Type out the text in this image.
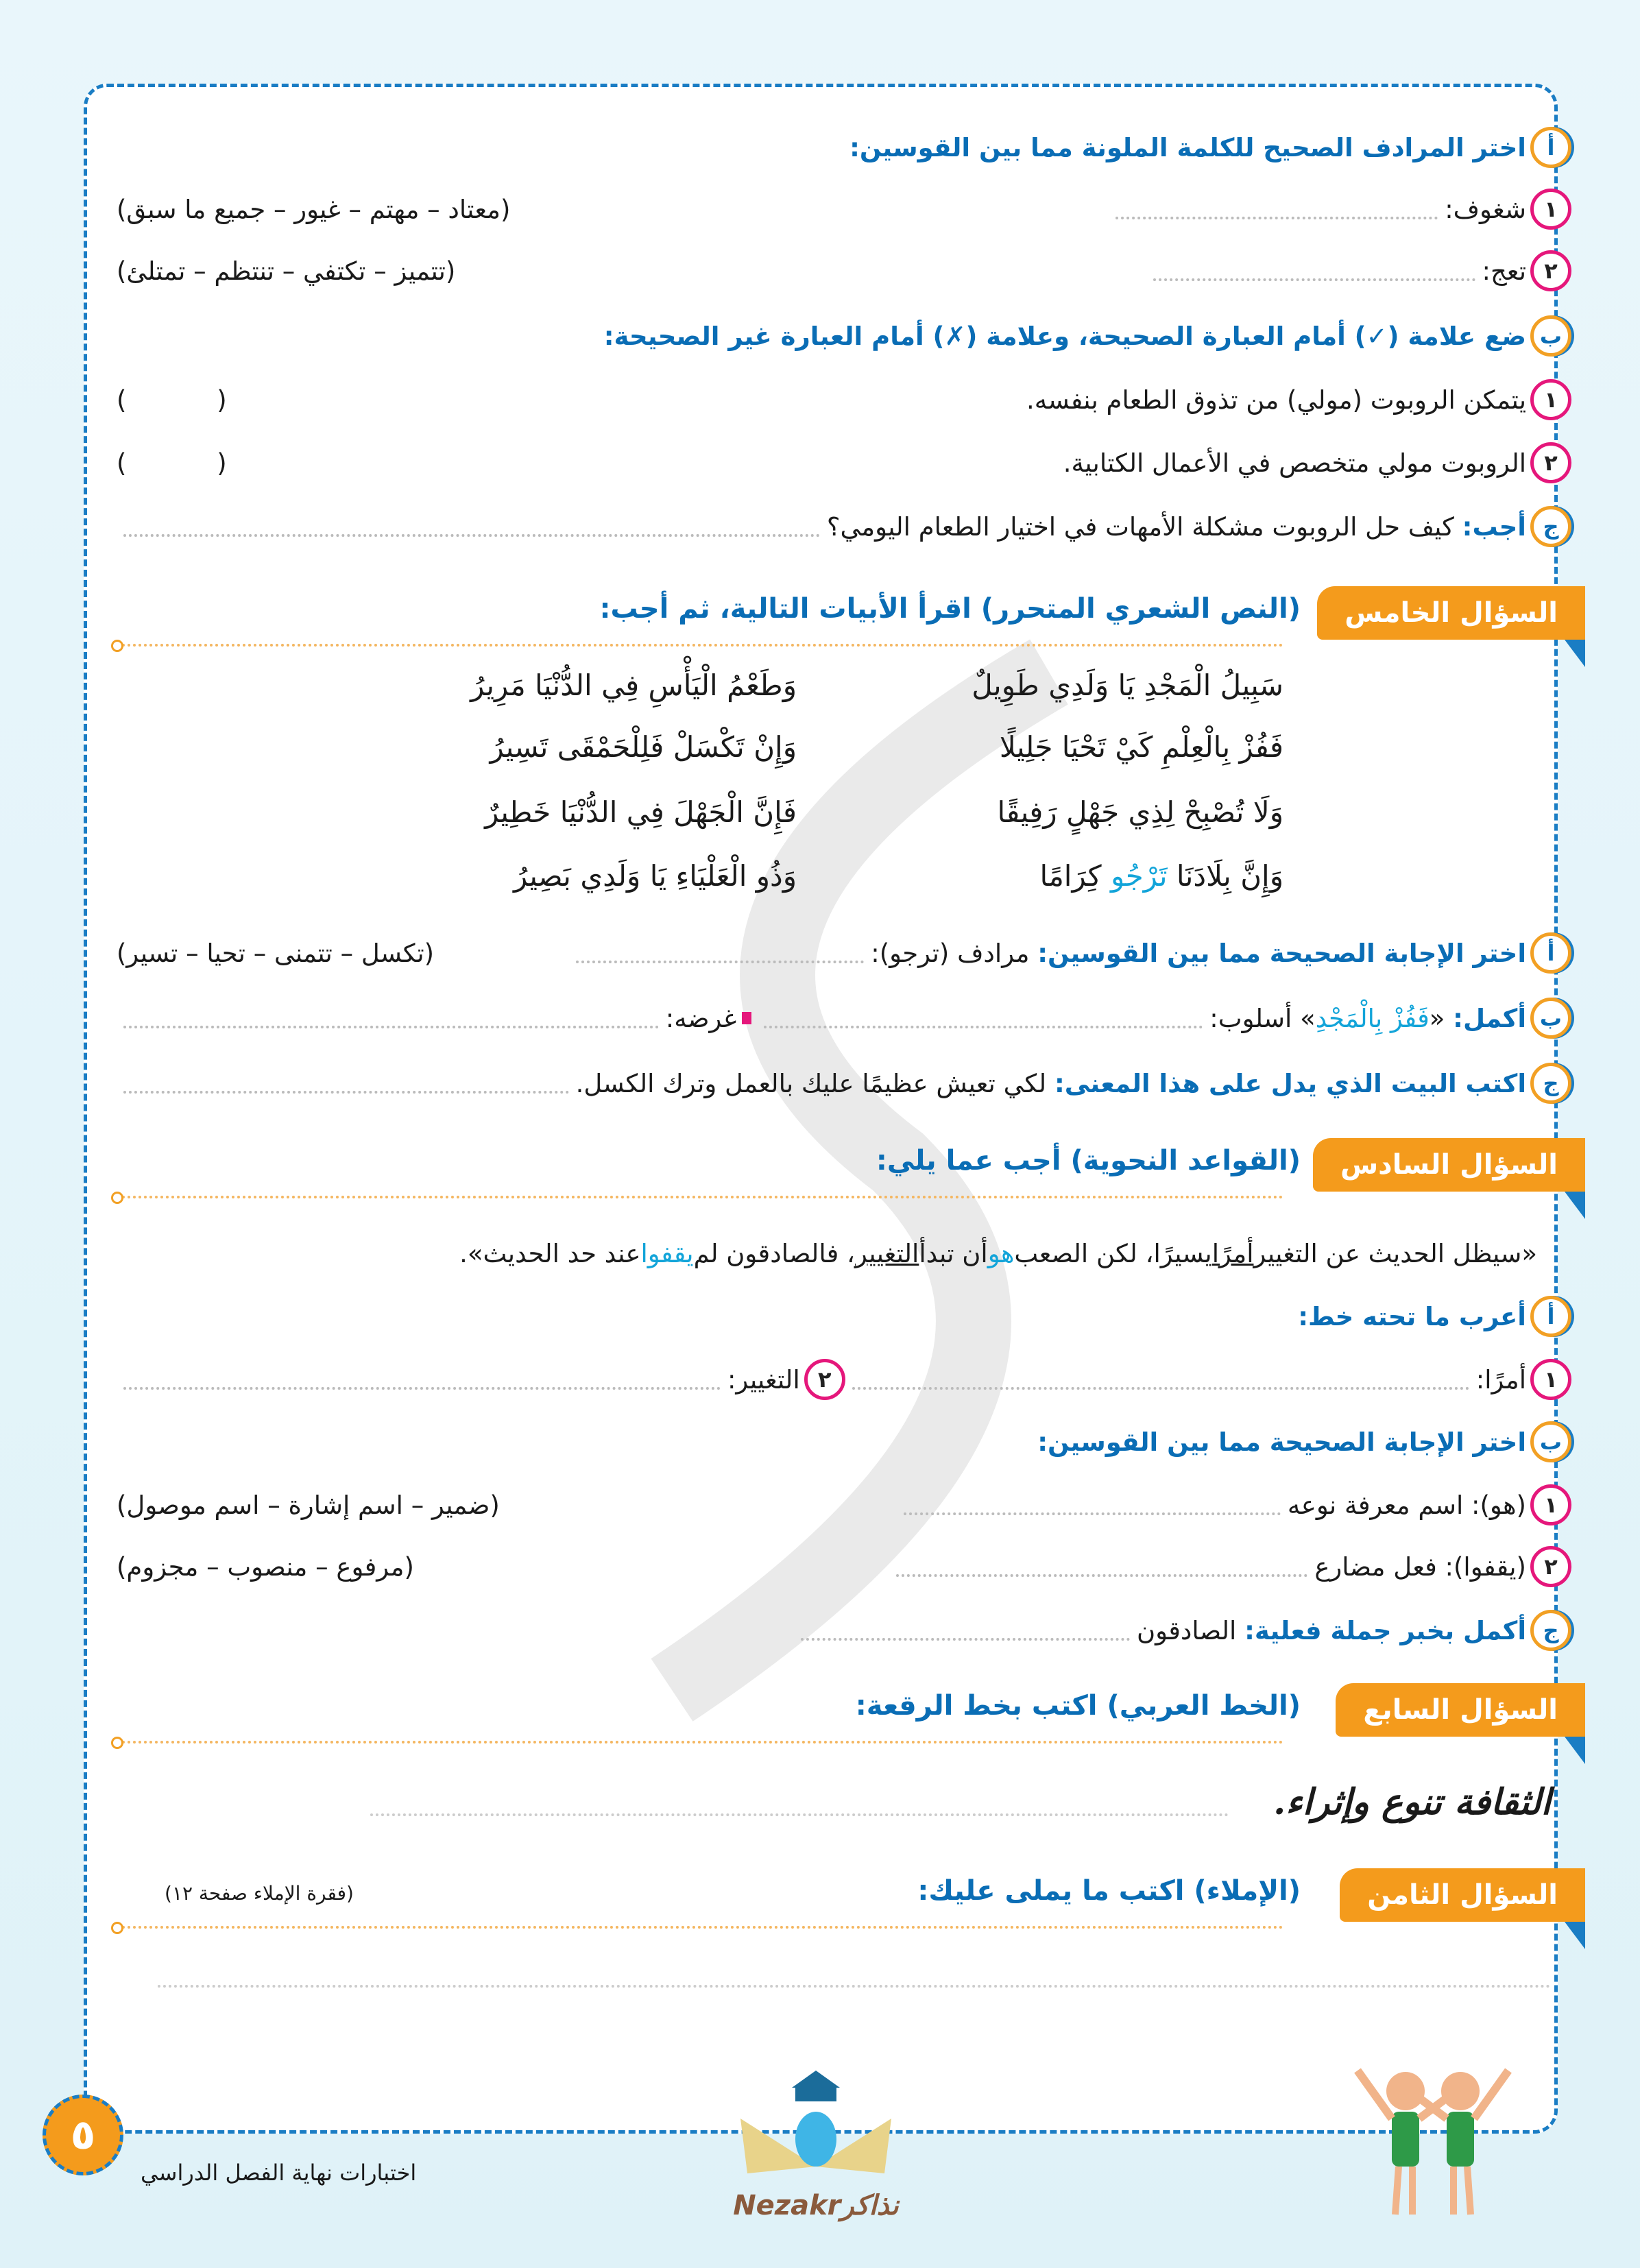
أ
اختر المرادف الصحيح للكلمة الملونة مما بين القوسين:
١
شغوف:
(معتاد – مهتم – غيور – جميع ما سبق)
٢
تعج:
(تتميز – تكتفي – تنتظم – تمتلئ)
ب
ضع علامة (✓) أمام العبارة الصحيحة، وعلامة (✗) أمام العبارة غير الصحيحة:
١
يتمكن الروبوت (مولي) من تذوق الطعام بنفسه.
( )
٢
الروبوت مولي متخصص في الأعمال الكتابية.
( )
ج
أجب:

كيف حل الروبوت مشكلة الأمهات في اختيار الطعام اليومي؟
السؤال الخامس
(النص الشعري المتحرر) اقرأ الأبيات التالية، ثم أجب:
سَبِيلُ الْمَجْدِ يَا وَلَدِي طَوِيلٌ
وَطَعْمُ الْيَأْسِ فِي الدُّنْيَا مَرِيرُ
فَفُزْ بِالْعِلْمِ كَيْ تَحْيَا جَلِيلًا
وَإِنْ تَكْسَلْ فَلِلْحَمْقَى تَسِيرُ
وَلَا تُصْبِحْ لِذِي جَهْلٍ رَفِيقًا
فَإِنَّ الْجَهْلَ فِي الدُّنْيَا خَطِيرٌ
وَإِنَّ بِلَادَنَا تَرْجُو كِرَامًا
وَذُو الْعَلْيَاءِ يَا وَلَدِي بَصِيرُ
أ
اختر الإجابة الصحيحة مما بين القوسين:

مرادف (ترجو):
(تكسل – تتمنى – تحيا – تسير)
ب
أكمل:

«
فَفُزْ بِالْمَجْدِ
»

أسلوب:
غرضه:
ج
اكتب البيت الذي يدل على هذا المعنى:

لكي تعيش عظيمًا عليك بالعمل وترك الكسل.
السؤال السادس
(القواعد النحوية) أجب عما يلي:
«سيظل الحديث عن التغيير
أمرًا
يسيرًا، لكن الصعب
هو
أن تبدأ
التغيير
، فالصادقون لم
يقفوا
عند حد الحديث».
أ
أعرب ما تحته خط:
١
أمرًا:
٢
التغيير:
ب
اختر الإجابة الصحيحة مما بين القوسين:
١
(هو): اسم معرفة نوعه
(ضمير – اسم إشارة – اسم موصول)
٢
(يقفوا): فعل مضارع
(مرفوع – منصوب – مجزوم)
ج
أكمل بخبر جملة فعلية:

الصادقون
السؤال السابع
(الخط العربي) اكتب بخط الرقعة:
الثقافة تنوع وإثراء.
السؤال الثامن
(الإملاء) اكتب ما يملى عليك:
(فقرة الإملاء صفحة ١٢)
٥
اختبارات نهاية الفصل الدراسي
Nezakrنذاكر
